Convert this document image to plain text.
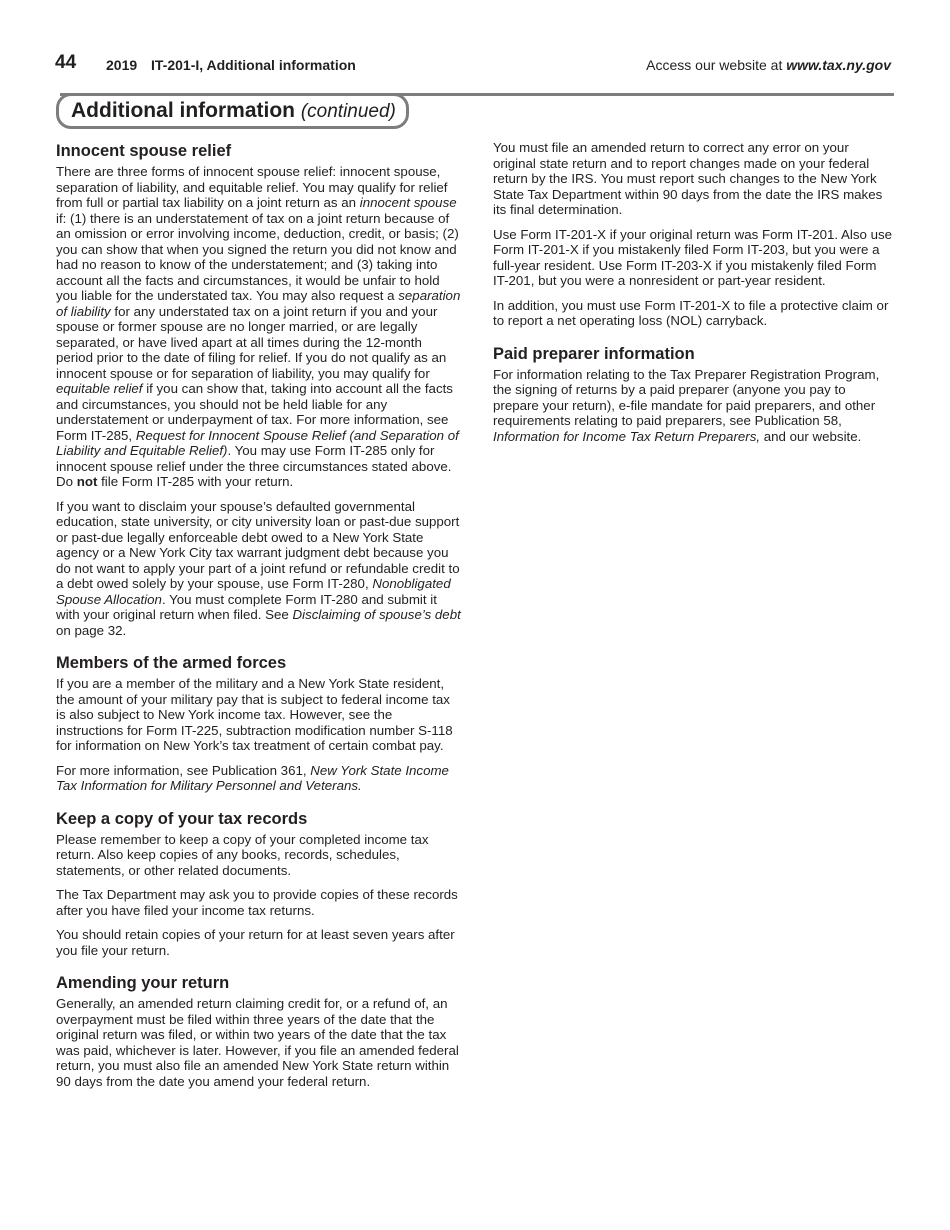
44 2019 IT-201-I, Additional information	Access our website at www.tax.ny.gov
Additional information (continued)
Innocent spouse relief

There are three forms of innocent spouse relief: innocent spouse, separation of liability, and equitable relief. You may qualify for relief from full or partial tax liability on a joint return as an innocent spouse if: (1) there is an understatement of tax on a joint return because of an omission or error involving income, deduction, credit, or basis; (2) you can show that when you signed the return you did not know and had no reason to know of the understatement; and (3) taking into account all the facts and circumstances, it would be unfair to hold you liable for the understated tax. You may also request a separation of liability for any understated tax on a joint return if you and your spouse or former spouse are no longer married, or are legally separated, or have lived apart at all times during the 12-month period prior to the date of filing for relief. If you do not qualify as an innocent spouse or for separation of liability, you may qualify for equitable relief if you can show that, taking into account all the facts and circumstances, you should not be held liable for any understatement or underpayment of tax. For more information, see Form IT-285, Request for Innocent Spouse Relief (and Separation of Liability and Equitable Relief). You may use Form IT-285 only for innocent spouse relief under the three circumstances stated above. Do not file Form IT-285 with your return.

If you want to disclaim your spouse’s defaulted governmental education, state university, or city university loan or past-due support or past-due legally enforceable debt owed to a New York State agency or a New York City tax warrant judgment debt because you do not want to apply your part of a joint refund or refundable credit to a debt owed solely by your spouse, use Form IT-280, Nonobligated Spouse Allocation. You must complete Form IT-280 and submit it with your original return when filed. See Disclaiming of spouse’s debt on page 32.

Members of the armed forces

If you are a member of the military and a New York State resident, the amount of your military pay that is subject to federal income tax is also subject to New York income tax. However, see the instructions for Form IT-225, subtraction modification number S-118 for information on New York’s tax treatment of certain combat pay.

For more information, see Publication 361, New York State Income Tax Information for Military Personnel and Veterans.

Keep a copy of your tax records

Please remember to keep a copy of your completed income tax return. Also keep copies of any books, records, schedules, statements, or other related documents.

The Tax Department may ask you to provide copies of these records after you have filed your income tax returns.

You should retain copies of your return for at least seven years after you file your return.

Amending your return

Generally, an amended return claiming credit for, or a refund of, an overpayment must be filed within three years of the date that the original return was filed, or within two years of the date that the tax was paid, whichever is later. However, if you file an amended federal return, you must also file an amended New York State return within 90 days from the date you amend your federal return.

You must file an amended return to correct any error on your original state return and to report changes made on your federal return by the IRS. You must report such changes to the New York State Tax Department within 90 days from the date the IRS makes its final determination.

Use Form IT-201-X if your original return was Form IT-201. Also use Form IT-201-X if you mistakenly filed Form IT-203, but you were a full-year resident. Use Form IT-203-X if you mistakenly filed Form IT-201, but you were a nonresident or part-year resident.

In addition, you must use Form IT-201-X to file a protective claim or to report a net operating loss (NOL) carryback.

Paid preparer information

For information relating to the Tax Preparer Registration Program, the signing of returns by a paid preparer (anyone you pay to prepare your return), e-file mandate for paid preparers, and other requirements relating to paid preparers, see Publication 58, Information for Income Tax Return Preparers, and our website.
